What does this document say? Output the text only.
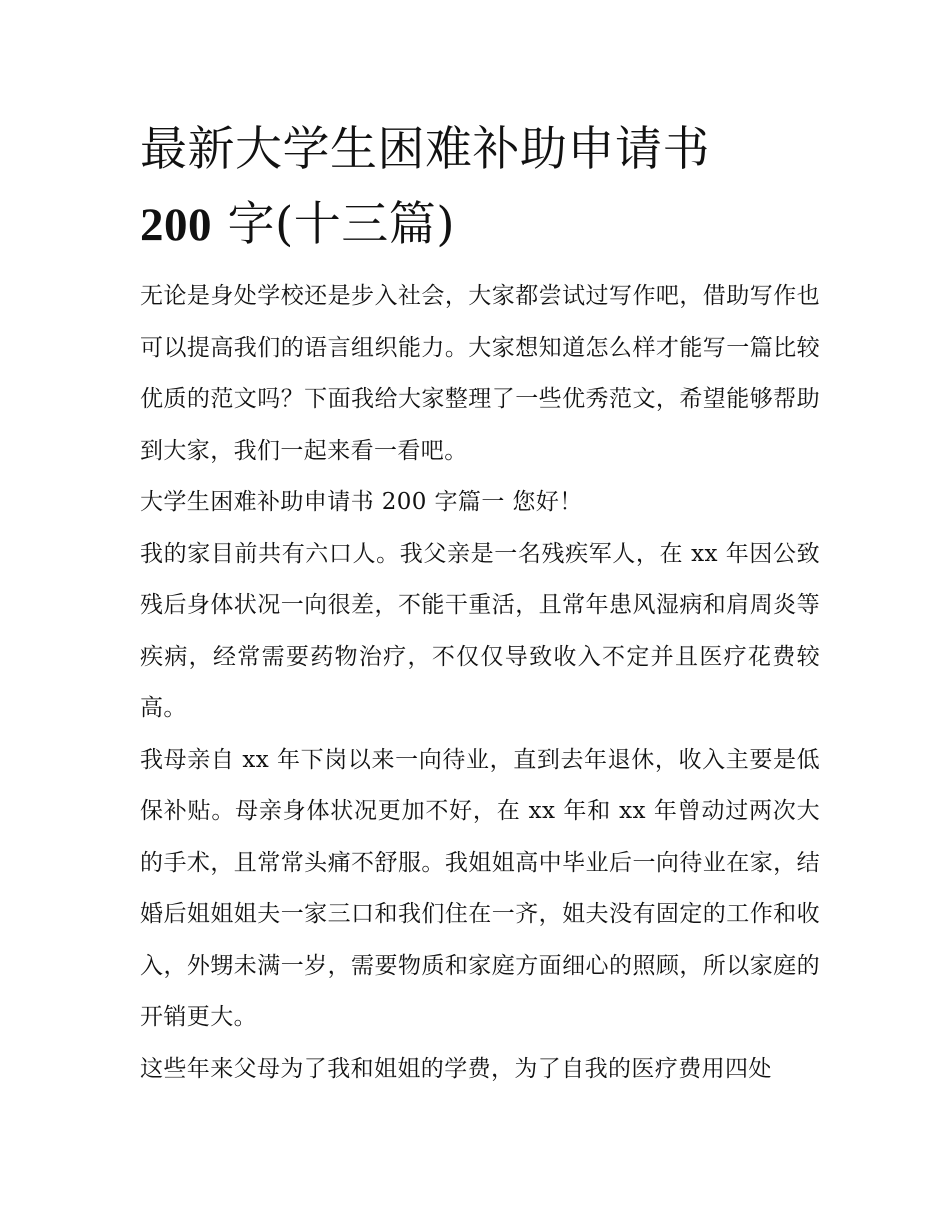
最新大学生困难补助申请书
200 字(十三篇)

无论是身处学校还是步入社会，大家都尝试过写作吧，借助写作也可以提高我们的语言组织能力。大家想知道怎么样才能写一篇比较优质的范文吗？下面我给大家整理了一些优秀范文，希望能够帮助到大家，我们一起来看一看吧。

大学生困难补助申请书 200 字篇一 您好！

我的家目前共有六口人。我父亲是一名残疾军人，在 xx 年因公致残后身体状况一向很差，不能干重活，且常年患风湿病和肩周炎等疾病，经常需要药物治疗，不仅仅导致收入不定并且医疗花费较高。

我母亲自 xx 年下岗以来一向待业，直到去年退休，收入主要是低保补贴。母亲身体状况更加不好，在 xx 年和 xx 年曾动过两次大的手术，且常常头痛不舒服。我姐姐高中毕业后一向待业在家，结婚后姐姐姐夫一家三口和我们住在一齐，姐夫没有固定的工作和收入，外甥未满一岁，需要物质和家庭方面细心的照顾，所以家庭的开销更大。

这些年来父母为了我和姐姐的学费，为了自我的医疗费用四处
